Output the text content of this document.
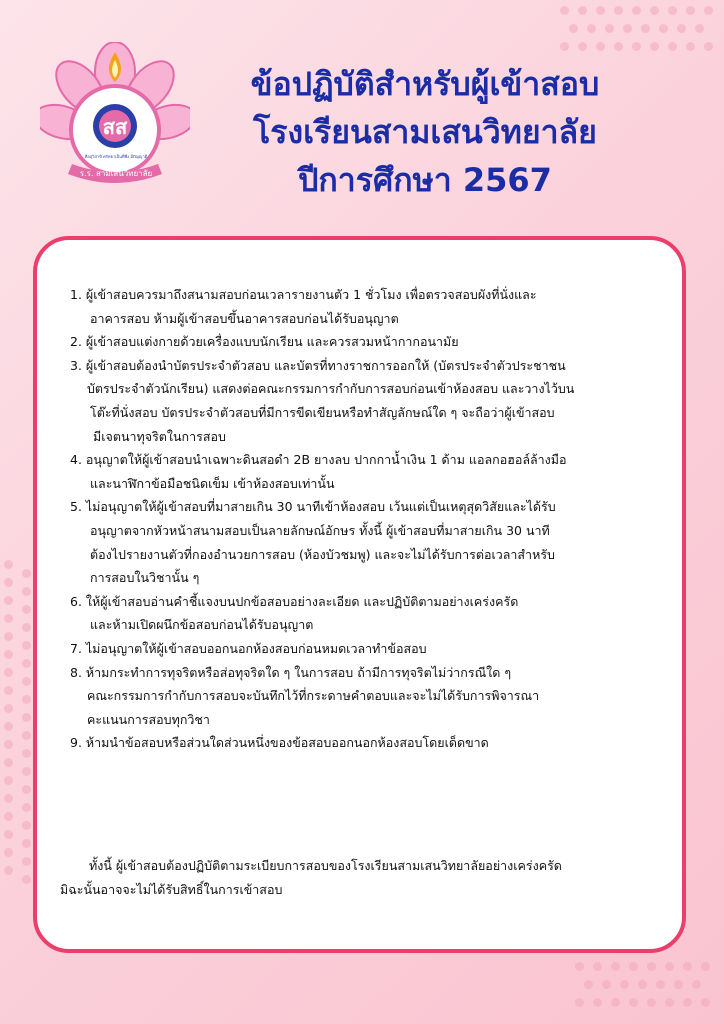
สส
ร.ร. สามเสนวิทยาลัย
ศีลสุวิสาขิ ศรัทธาเป็นที่พึ่ง มีปัญญาดี
ข้อปฏิบัติสำหรับผู้เข้าสอบ
โรงเรียนสามเสนวิทยาลัย
ปีการศึกษา 2567
1. ผู้เข้าสอบควรมาถึงสนามสอบก่อนเวลารายงานตัว 1 ชั่วโมง เพื่อตรวจสอบผังที่นั่งและ
อาคารสอบ ห้ามผู้เข้าสอบขึ้นอาคารสอบก่อนได้รับอนุญาต
2. ผู้เข้าสอบแต่งกายด้วยเครื่องแบบนักเรียน และควรสวมหน้ากากอนามัย
3. ผู้เข้าสอบต้องนำบัตรประจำตัวสอบ และบัตรที่ทางราชการออกให้ (บัตรประจำตัวประชาชน
บัตรประจำตัวนักเรียน) แสดงต่อคณะกรรมการกำกับการสอบก่อนเข้าห้องสอบ และวางไว้บน
โต๊ะที่นั่งสอบ บัตรประจำตัวสอบที่มีการขีดเขียนหรือทำสัญลักษณ์ใด ๆ จะถือว่าผู้เข้าสอบ
มีเจตนาทุจริตในการสอบ
4. อนุญาตให้ผู้เข้าสอบนำเฉพาะดินสอดำ 2B ยางลบ ปากกาน้ำเงิน 1 ด้าม แอลกอฮอล์ล้างมือ
และนาฬิกาข้อมือชนิดเข็ม เข้าห้องสอบเท่านั้น
5. ไม่อนุญาตให้ผู้เข้าสอบที่มาสายเกิน 30 นาทีเข้าห้องสอบ เว้นแต่เป็นเหตุสุดวิสัยและได้รับ
อนุญาตจากหัวหน้าสนามสอบเป็นลายลักษณ์อักษร ทั้งนี้ ผู้เข้าสอบที่มาสายเกิน 30 นาที
ต้องไปรายงานตัวที่กองอำนวยการสอบ (ห้องบัวชมพู) และจะไม่ได้รับการต่อเวลาสำหรับ
การสอบในวิชานั้น ๆ
6. ให้ผู้เข้าสอบอ่านคำชี้แจงบนปกข้อสอบอย่างละเอียด และปฏิบัติตามอย่างเคร่งครัด
และห้ามเปิดผนึกข้อสอบก่อนได้รับอนุญาต
7. ไม่อนุญาตให้ผู้เข้าสอบออกนอกห้องสอบก่อนหมดเวลาทำข้อสอบ
8. ห้ามกระทำการทุจริตหรือส่อทุจริตใด ๆ ในการสอบ ถ้ามีการทุจริตไม่ว่ากรณีใด ๆ
คณะกรรมการกำกับการสอบจะบันทึกไว้ที่กระดาษคำตอบและจะไม่ได้รับการพิจารณา
คะแนนการสอบทุกวิชา
9. ห้ามนำข้อสอบหรือส่วนใดส่วนหนึ่งของข้อสอบออกนอกห้องสอบโดยเด็ดขาด
ทั้งนี้ ผู้เข้าสอบต้องปฏิบัติตามระเบียบการสอบของโรงเรียนสามเสนวิทยาลัยอย่างเคร่งครัด
มิฉะนั้นอาจจะไม่ได้รับสิทธิ์ในการเข้าสอบ
